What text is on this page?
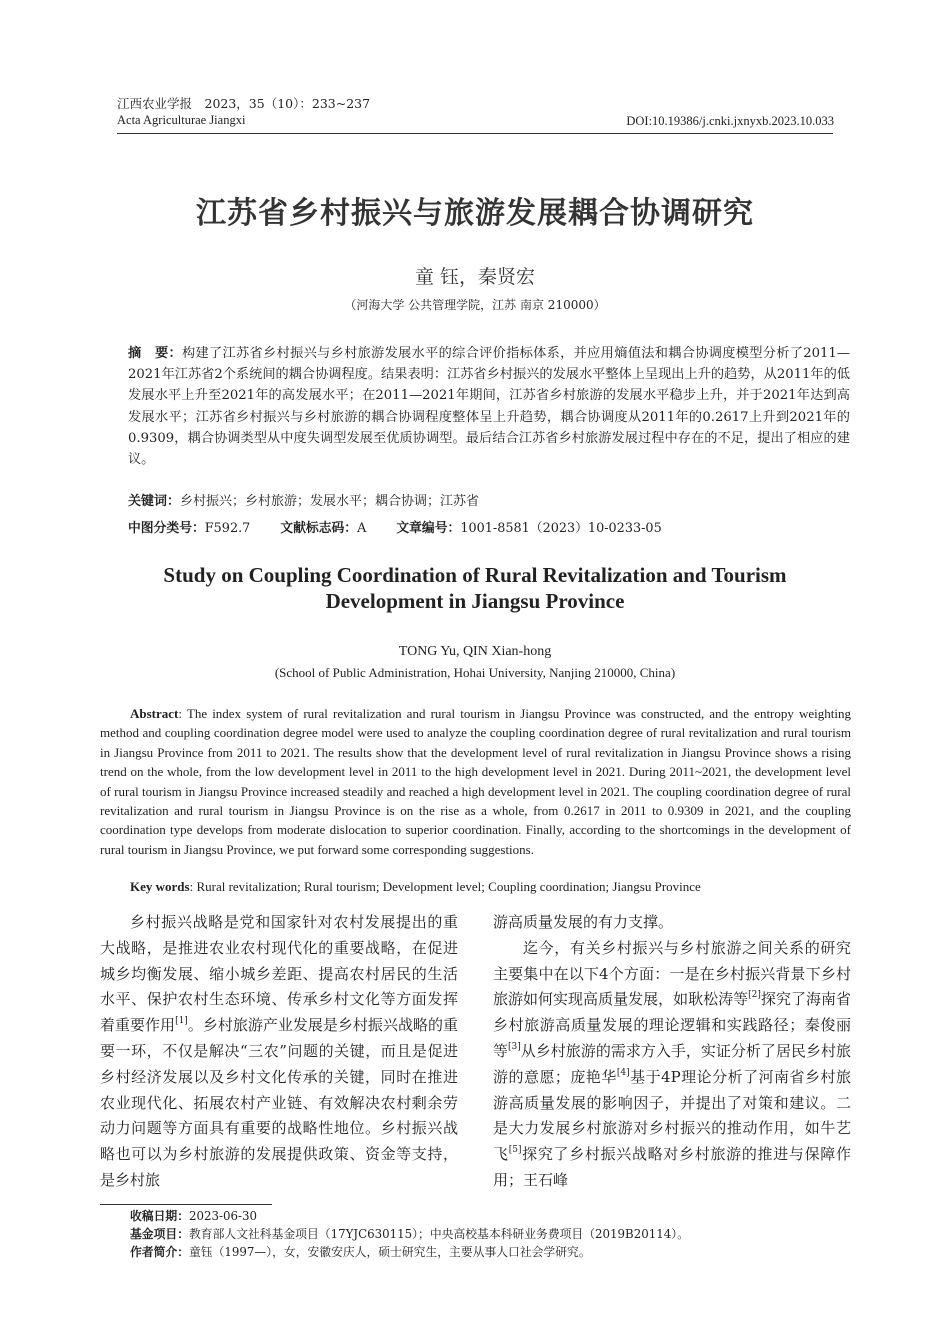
江西农业学报　2023，35（10）：233~237
Acta Agriculturae Jiangxi	DOI:10.19386/j.cnki.jxnyxb.2023.10.033
江苏省乡村振兴与旅游发展耦合协调研究
童 钰，秦贤宏
（河海大学 公共管理学院，江苏 南京 210000）
摘　要：构建了江苏省乡村振兴与乡村旅游发展水平的综合评价指标体系，并应用熵值法和耦合协调度模型分析了2011—2021年江苏省2个系统间的耦合协调程度。结果表明：江苏省乡村振兴的发展水平整体上呈现出上升的趋势，从2011年的低发展水平上升至2021年的高发展水平；在2011—2021年期间，江苏省乡村旅游的发展水平稳步上升，并于2021年达到高发展水平；江苏省乡村振兴与乡村旅游的耦合协调程度整体呈上升趋势，耦合协调度从2011年的0.2617上升到2021年的0.9309，耦合协调类型从中度失调型发展至优质协调型。最后结合江苏省乡村旅游发展过程中存在的不足，提出了相应的建议。
关键词：乡村振兴；乡村旅游；发展水平；耦合协调；江苏省
中图分类号：F592.7 文献标志码：A 文章编号：1001-8581（2023）10-0233-05
Study on Coupling Coordination of Rural Revitalization and Tourism
Development in Jiangsu Province
TONG Yu, QIN Xian-hong
(School of Public Administration, Hohai University, Nanjing 210000, China)
Abstract: The index system of rural revitalization and rural tourism in Jiangsu Province was constructed, and the entropy weighting method and coupling coordination degree model were used to analyze the coupling coordination degree of rural revitalization and rural tourism in Jiangsu Province from 2011 to 2021. The results show that the development level of rural revitalization in Jiangsu Province shows a rising trend on the whole, from the low development level in 2011 to the high development level in 2021. During 2011~2021, the development level of rural tourism in Jiangsu Province increased steadily and reached a high development level in 2021. The coupling coordination degree of rural revitalization and rural tourism in Jiangsu Province is on the rise as a whole, from 0.2617 in 2011 to 0.9309 in 2021, and the coupling coordination type develops from moderate dislocation to superior coordination. Finally, according to the shortcomings in the development of rural tourism in Jiangsu Province, we put forward some corresponding suggestions.
Key words: Rural revitalization; Rural tourism; Development level; Coupling coordination; Jiangsu Province

乡村振兴战略是党和国家针对农村发展提出的重大战略，是推进农业农村现代化的重要战略，在促进城乡均衡发展、缩小城乡差距、提高农村居民的生活水平、保护农村生态环境、传承乡村文化等方面发挥着重要作用[1]。乡村旅游产业发展是乡村振兴战略的重要一环，不仅是解决“三农”问题的关键，而且是促进乡村经济发展以及乡村文化传承的关键，同时在推进农业现代化、拓展农村产业链、有效解决农村剩余劳动力问题等方面具有重要的战略性地位。乡村振兴战略也可以为乡村旅游的发展提供政策、资金等支持，是乡村旅

游高质量发展的有力支撑。

迄今，有关乡村振兴与乡村旅游之间关系的研究主要集中在以下4个方面：一是在乡村振兴背景下乡村旅游如何实现高质量发展，如耿松涛等[2]探究了海南省乡村旅游高质量发展的理论逻辑和实践路径；秦俊丽等[3]从乡村旅游的需求方入手，实证分析了居民乡村旅游的意愿；庞艳华[4]基于4P理论分析了河南省乡村旅游高质量发展的影响因子，并提出了对策和建议。二是大力发展乡村旅游对乡村振兴的推动作用，如牛艺飞[5]探究了乡村振兴战略对乡村旅游的推进与保障作用；王石峰

收稿日期：2023-06-30
基金项目：教育部人文社科基金项目（17YJC630115）；中央高校基本科研业务费项目（2019B20114）。
作者简介：童钰（1997—），女，安徽安庆人，硕士研究生，主要从事人口社会学研究。
